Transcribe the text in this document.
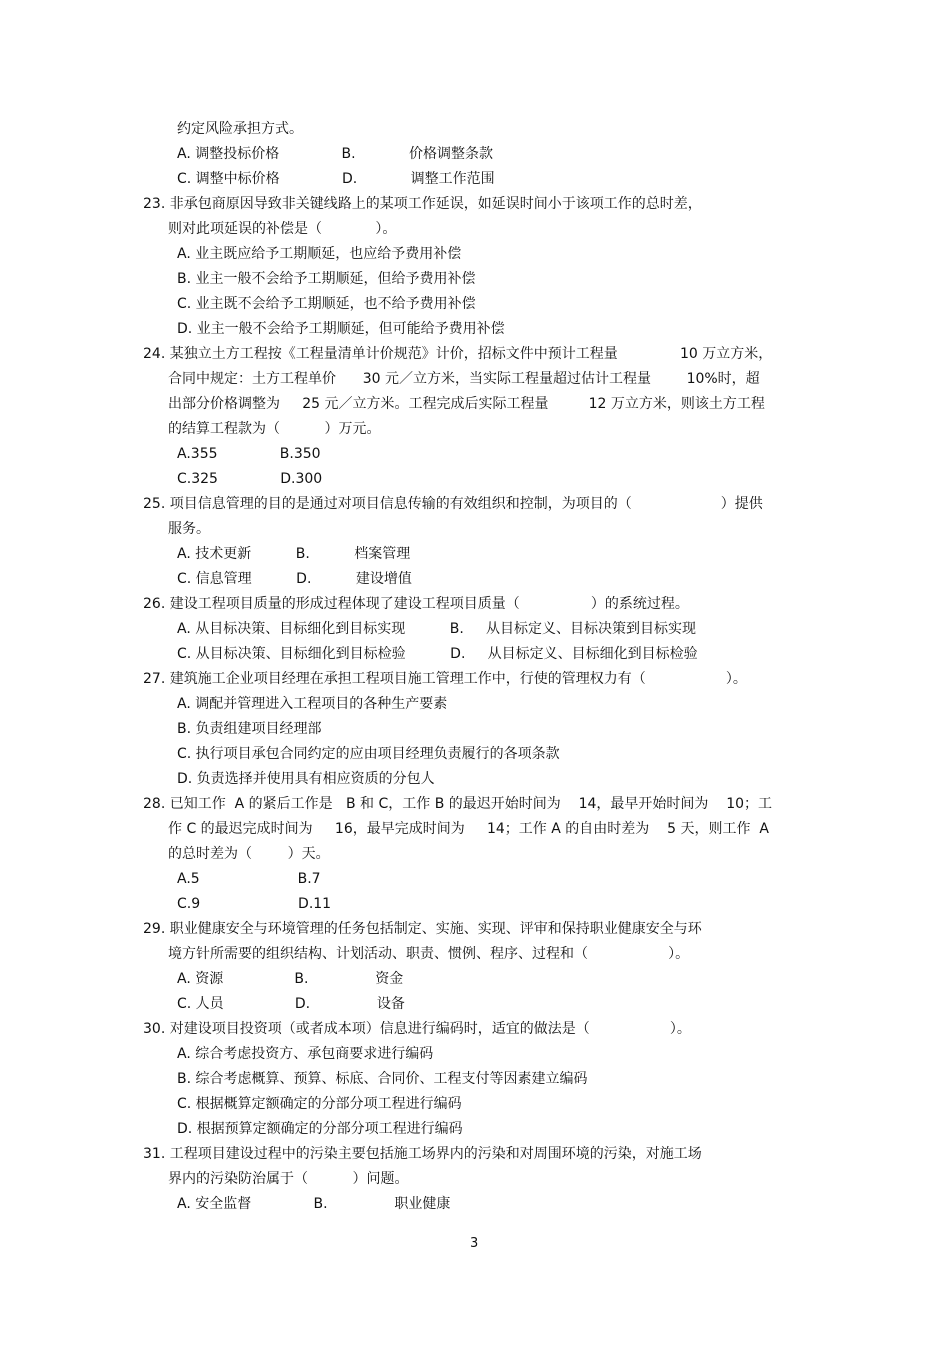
约定风险承担方式。
A. 调整投标价格              B.            价格调整条款
C. 调整中标价格              D.            调整工作范围
23. 非承包商原因导致非关键线路上的某项工作延误，如延误时间小于该项工作的总时差，
则对此项延误的补偿是（            ）。
A. 业主既应给予工期顺延，也应给予费用补偿
B. 业主一般不会给予工期顺延，但给予费用补偿
C. 业主既不会给予工期顺延，也不给予费用补偿
D. 业主一般不会给予工期顺延，但可能给予费用补偿
24. 某独立土方工程按《工程量清单计价规范》计价，招标文件中预计工程量              10 万立方米，
合同中规定：土方工程单价      30 元／立方米，当实际工程量超过估计工程量        10%时，超
出部分价格调整为     25 元／立方米。工程完成后实际工程量         12 万立方米，则该土方工程
的结算工程款为（          ）万元。
A.355              B.350
C.325              D.300
25. 项目信息管理的目的是通过对项目信息传输的有效组织和控制，为项目的（                    ）提供
服务。
A. 技术更新          B.          档案管理
C. 信息管理          D.          建设增值
26. 建设工程项目质量的形成过程体现了建设工程项目质量（                ）的系统过程。
A. 从目标决策、目标细化到目标实现          B.     从目标定义、目标决策到目标实现
C. 从目标决策、目标细化到目标检验          D.     从目标定义、目标细化到目标检验
27. 建筑施工企业项目经理在承担工程项目施工管理工作中，行使的管理权力有（                  ）。
A. 调配并管理进入工程项目的各种生产要素
B. 负责组建项目经理部
C. 执行项目承包合同约定的应由项目经理负责履行的各项条款
D. 负责选择并使用具有相应资质的分包人
28. 已知工作  A 的紧后工作是   B 和 C，工作 B 的最迟开始时间为    14，最早开始时间为    10；工
作 C 的最迟完成时间为     16，最早完成时间为     14；工作 A 的自由时差为    5 天，则工作  A
的总时差为（        ）天。
A.5                      B.7
C.9                      D.11
29. 职业健康安全与环境管理的任务包括制定、实施、实现、评审和保持职业健康安全与环
境方针所需要的组织结构、计划活动、职责、惯例、程序、过程和（                  ）。
A. 资源                B.               资金
C. 人员                D.               设备
30. 对建设项目投资项（或者成本项）信息进行编码时，适宜的做法是（                  ）。
A. 综合考虑投资方、承包商要求进行编码
B. 综合考虑概算、预算、标底、合同价、工程支付等因素建立编码
C. 根据概算定额确定的分部分项工程进行编码
D. 根据预算定额确定的分部分项工程进行编码
31. 工程项目建设过程中的污染主要包括施工场界内的污染和对周围环境的污染，对施工场
界内的污染防治属于（          ）问题。
A. 安全监督              B.               职业健康
3
